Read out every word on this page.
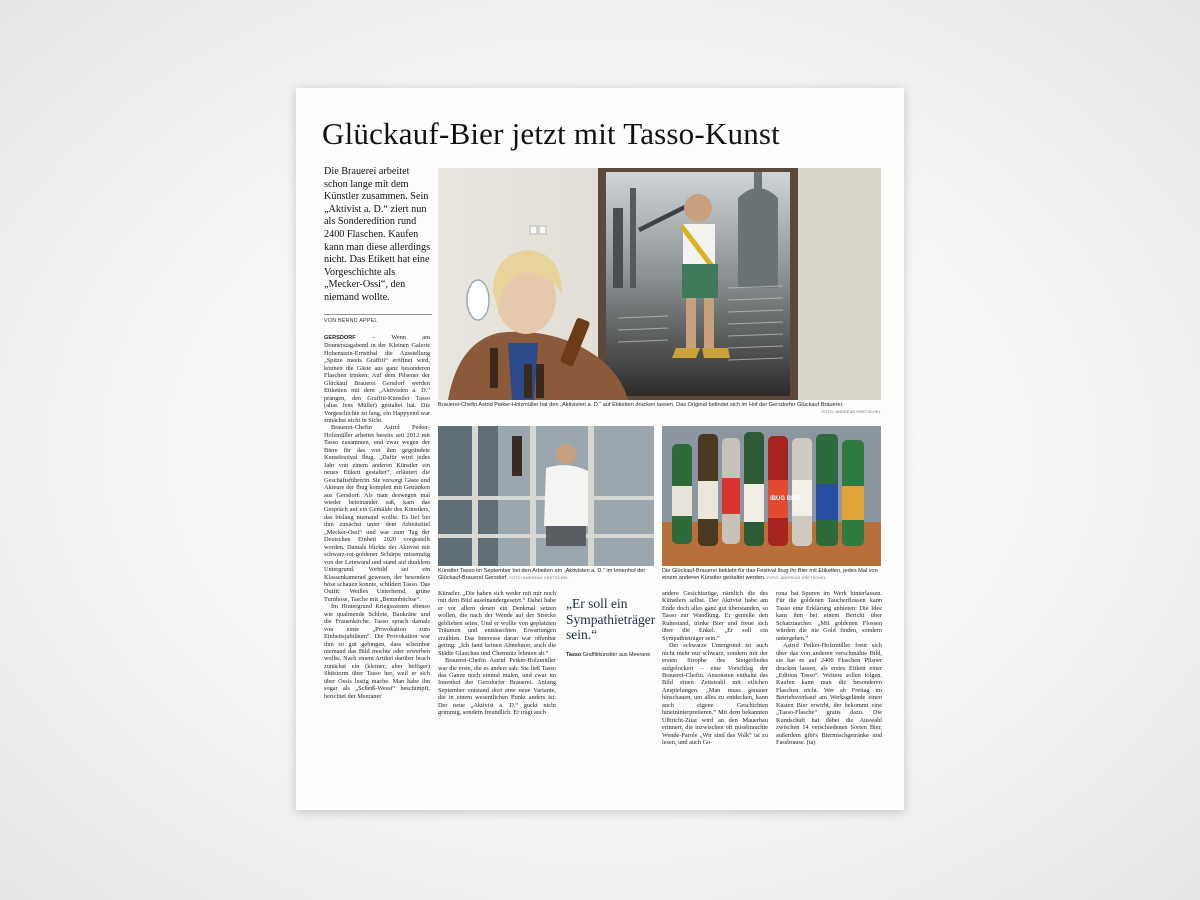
Glückauf-Bier jetzt mit Tasso-Kunst
Die Brauerei arbeitet schon lange mit dem Künstler zusammen. Sein „Aktivist a. D.“ ziert nun als Sonderedition rund 2400 Flaschen. Kaufen kann man diese allerdings nicht. Das Etikett hat eine Vorgeschichte als „Mecker-Ossi“, den niemand wollte.
VON BERND APPEL

GERSDORF	– Wenn am Donnerstagabend in der Kleinen Galerie Hohenstein-Ernstthal die Ausstellung „Spitze meets Graffiti“ eröffnet wird, können die Gäste aus ganz besonderen Flaschen trinken: Auf dem Pilsener der Glückauf Brauerei Gersdorf werden Etiketten mit dem „Aktivisten a. D.“ prangen, den Graffiti-Künstler Tasso (alias Jens Müller) gestaltet hat. Die Vorgeschichte ist lang, ein Happyend war zunächst nicht in Sicht.

Brauerei-Chefin Astrid Peiker-Holzmüller arbeitet bereits seit 2012 mit Tasso zusammen, und zwar wegen der Biere für das von ihm gegründete Kunstfestival Ibug. „Dafür wird jedes Jahr von einem anderen Künstler ein neues Etikett gestaltet“, erläutert die Geschäftsführerin. Sie versorgt Gäste und Akteure der Ibug komplett mit Getränken aus Gersdorf. Als man deswegen mal wieder beieinander saß, kam das Gespräch auf ein Gemälde des Künstlers, das bislang niemand wollte. Es lief bei ihm zunächst unter dem Arbeitstitel „Mecker-Ossi“ und war zum Tag der Deutschen Einheit 2020 vorgestellt worden. Damals blickte der Aktivist mit schwarz-rot-goldener Schärpe missmutig von der Leinwand und stand auf dunklem Untergrund. Vorbild sei ein Klassenkamerad gewesen, der besonders böse schauen konnte, schildert Tasso. Das Outfit: Weißes Unterhemd, grüne Turnhose, Tasche mit „Bemmbüchse“.

Im Hintergrund Kriegsszenen ebenso wie qualmende Schlote, Baukräne und die Frauenkirche. Tasso sprach damals von einer „Provokation zum Einheitsjubiläum“. Die Provokation war ihm so gut gelungen, dass scheinbar niemand das Bild mochte oder erwerben wollte. Nach einem Artikel darüber brach zunächst ein (kleiner, aber heftiger) Shitstorm über Tasso her, weil er sich über Ossis lustig mache. Man habe ihn sogar als „Scheiß-Wessi“ beschimpft, berichtet der Meeraner

Brauerei-Chefin Astrid Peiker-Holzmüller hat den „Aktivisten a. D.“ auf Etiketten drucken lassen. Das Original befindet sich im Hof der Gersdorfer Glückauf Brauerei.
FOTO: ANDREAS KRETSCHEL
Künstler Tasso im September bei den Arbeiten am „Aktivisten a. D.“ im Innenhof der Glückauf-Brauerei Gersdorf. FOTO: ANDREAS KRETSCHEL
IBUG BIER
Die Glückauf-Brauerei beklebt für das Festival Ibug ihr Bier mit Etiketten, jedes Mal von einem anderen Künstler gestaltet werden. FOTO: ANDREAS KRETSCHEL

Künstler. „Die haben sich weder mit mir noch mit dem Bild auseinandergesetzt.“ Dabei habe er vor allem denen ein Denkmal setzen wollen, die nach der Wende auf der Strecke geblieben seien. Und er wollte von geplatzten Träumen und enttäuschten Erwartungen erzählen. Das Interesse daran war offenbar gering: „Ich fand keinen Abnehmer, auch die Städte Glauchau und Chemnitz lehnten ab.“

Brauerei-Chefin Astrid Peiker-Holzmüller war die erste, die es anders sah: Sie ließ Tasso das Ganze noch einmal malen, und zwar im Innenhof der Gersdorfer Brauerei. Anfang September entstand dort eine neue Variante, die in einem wesentlichen Punkt anders ist: Der neue „Aktivist a. D.“ guckt nicht grimmig, sondern freundlich. Er trägt auch

„Er soll ein Sympathieträger sein.“
Tasso Graffitikünstler aus Meerane

andere Gesichtszüge, nämlich die des Künstlers selbst. Der Aktivist habe am Ende doch alles ganz gut überstanden, so Tasso zur Wandlung. Er genieße den Ruhestand, trinke Bier und freue sich über die Enkel. „Er soll ein Sympathieträger sein.“

Der schwarze Untergrund ist auch nicht mehr nur schwarz, sondern mit der ersten Strophe des Steigerliedes aufgelockert – eine Vorschlag der Brauerei-Chefin. Ansonsten enthalte das Bild einen Zeitstrahl mit etlichen Anspielungen. „Man muss genauer hinschauen, um alles zu entdecken, kann auch eigene Geschichten hineininterpretieren.“ Mit dem bekannten Ulbricht-Zitat wird an den Mauerbau erinnert, die inzwischen oft missbrauchte Wende-Parole „Wir sind das Volk“ ist zu lesen, und auch Go-

rona hat Spuren im Werk hinterlassen. Für die goldenen Taucherflossen kann Tasso eine Erklärung anbieten: Die Idee kam ihm bei einem Bericht über Schatztaucher. „Mit goldenen Flossen würden die nie Gold finden, sondern untergehen.“

Astrid Peiker-Holzmüller freut sich über das von anderen verschmähte Bild, sie hat es auf 2400 Flaschen Pilsner drucken lassen, als erstes Etikett einer „Edition Tasso“. Weitere sollen folgen. Kaufen kann man die besonderen Flaschen nicht. Wer ab Freitag im Betriebsverkauf am Werksgelände einen Kasten Bier erwirbt, der bekommt eine „Tasso-Flasche“ gratis dazu. Die Kundschaft hat dabei die Auswahl zwischen 14 verschiedenen Sorten Bier, außerdem gibt's Biermischgetränke und Fassbrause. (ta)
